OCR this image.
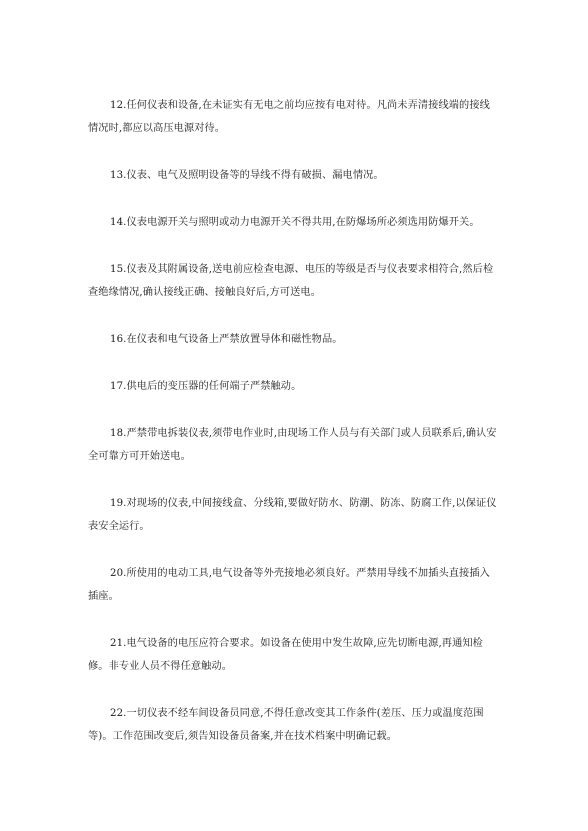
12.任何仪表和设备,在未证实有无电之前均应按有电对待。凡尚未弄清接线端的接线情况时,都应以高压电源对待。

13.仪表、电气及照明设备等的导线不得有破损、漏电情况。

14.仪表电源开关与照明或动力电源开关不得共用,在防爆场所必须选用防爆开关。

15.仪表及其附属设备,送电前应检查电源、电压的等级是否与仪表要求相符合,然后检查绝缘情况,确认接线正确、接触良好后,方可送电。

16.在仪表和电气设备上严禁放置导体和磁性物品。

17.供电后的变压器的任何端子严禁触动。

18.严禁带电拆装仪表,须带电作业时,由现场工作人员与有关部门或人员联系后,确认安全可靠方可开始送电。

19.对现场的仪表,中间接线盒、分线箱,要做好防水、防潮、防冻、防腐工作,以保证仪表安全运行。

20.所使用的电动工具,电气设备等外壳接地必须良好。严禁用导线不加插头直接插入插座。

21.电气设备的电压应符合要求。如设备在使用中发生故障,应先切断电源,再通知检修。非专业人员不得任意触动。

22.一切仪表不经车间设备员同意,不得任意改变其工作条件(差压、压力或温度范围等)。工作范围改变后,须告知设备员备案,并在技术档案中明确记载。
